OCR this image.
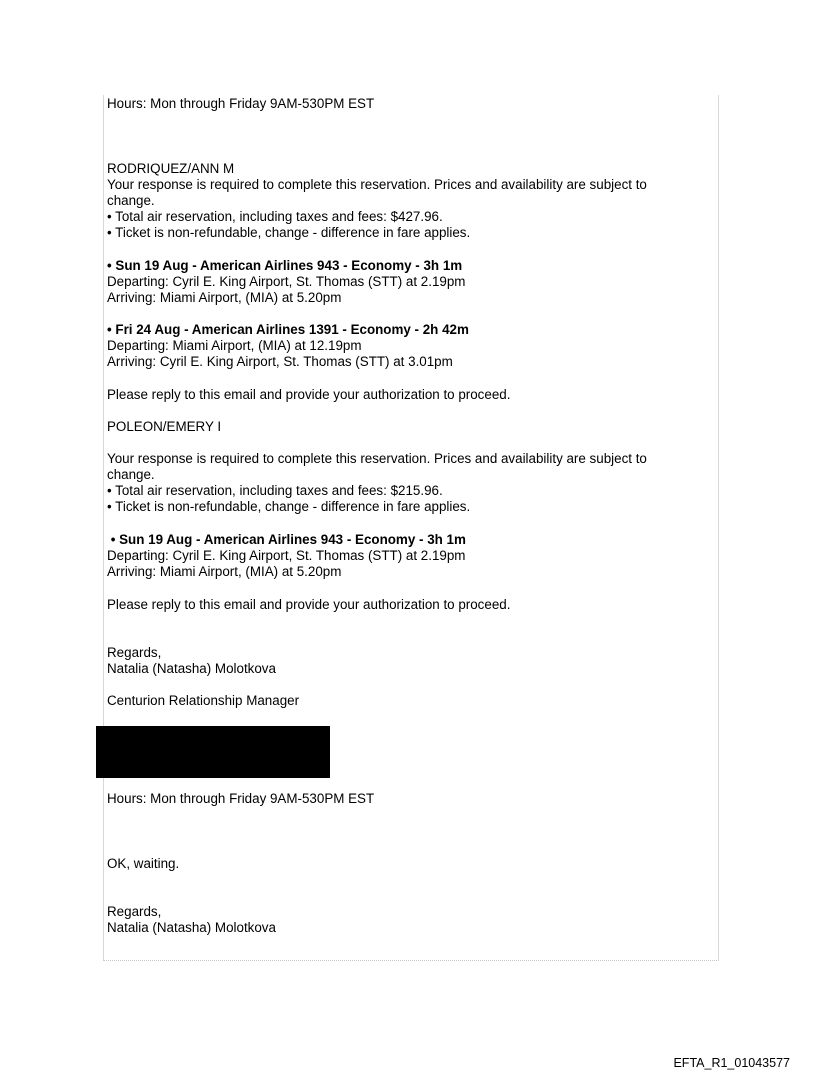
Hours: Mon through Friday 9AM-530PM EST
RODRIQUEZ/ANN M
Your response is required to complete this reservation. Prices and availability are subject to
change.
• Total air reservation, including taxes and fees: $427.96.
• Ticket is non-refundable, change - difference in fare applies.
• Sun 19 Aug - American Airlines 943 - Economy - 3h 1m
Departing: Cyril E. King Airport, St. Thomas (STT) at 2.19pm
Arriving: Miami Airport, (MIA) at 5.20pm
• Fri 24 Aug - American Airlines 1391 - Economy - 2h 42m
Departing: Miami Airport, (MIA) at 12.19pm
Arriving: Cyril E. King Airport, St. Thomas (STT) at 3.01pm
Please reply to this email and provide your authorization to proceed.
POLEON/EMERY I
Your response is required to complete this reservation. Prices and availability are subject to
change.
• Total air reservation, including taxes and fees: $215.96.
• Ticket is non-refundable, change - difference in fare applies.
• Sun 19 Aug - American Airlines 943 - Economy - 3h 1m
Departing: Cyril E. King Airport, St. Thomas (STT) at 2.19pm
Arriving: Miami Airport, (MIA) at 5.20pm
Please reply to this email and provide your authorization to proceed.
Regards,
Natalia (Natasha) Molotkova
Centurion Relationship Manager
Hours: Mon through Friday 9AM-530PM EST
OK, waiting.
Regards,
Natalia (Natasha) Molotkova
EFTA_R1_01043577
